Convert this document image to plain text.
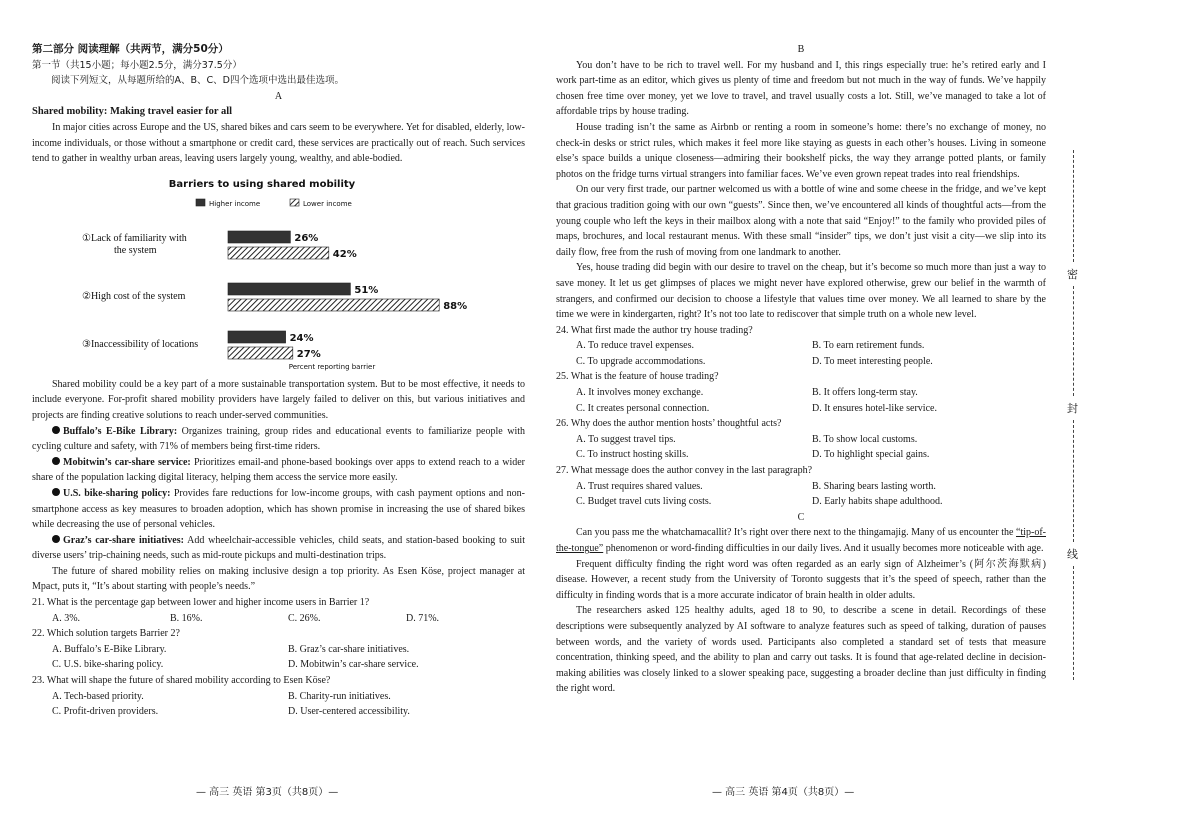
第二部分 阅读理解（共两节，满分50分）

第一节（共15小题；每小题2.5分，满分37.5分）

阅读下列短文，从每题所给的A、B、C、D四个选项中选出最佳选项。

A

Shared mobility: Making travel easier for all

In major cities across Europe and the US, shared bikes and cars seem to be everywhere. Yet for disabled, elderly, low-income individuals, or those without a smartphone or credit card, these services are practically out of reach. Such services tend to gather in wealthy urban areas, leaving users largely young, wealthy, and able-bodied.

Barriers to using shared mobility
Higher income	Lower income
①Lack of familiarity with
the system
②High cost of the system
③Inaccessibility of locations
26%
42%
51%
88%
24%
27%
Percent reporting barrier

Shared mobility could be a key part of a more sustainable transportation system. But to be most effective, it needs to include everyone. For-profit shared mobility providers have largely failed to deliver on this, but various initiatives and projects are finding creative solutions to reach under-served communities.

Buffalo’s E-Bike Library: Organizes training, group rides and educational events to familiarize people with cycling culture and safety, with 71% of members being first-time riders.

Mobitwin’s car-share service: Prioritizes email-and phone-based bookings over apps to extend reach to a wider share of the population lacking digital literacy, helping them access the service more easily.

U.S. bike-sharing policy: Provides fare reductions for low-income groups, with cash payment options and non-smartphone access as key measures to broaden adoption, which has shown promise in increasing the use of shared bikes while decreasing the use of personal vehicles.

Graz’s car-share initiatives: Add wheelchair-accessible vehicles, child seats, and station-based booking to suit diverse users’ trip-chaining needs, such as mid-route pickups and multi-destination trips.

The future of shared mobility relies on making inclusive design a top priority. As Esen Köse, project manager at Mpact, puts it, “It’s about starting with people’s needs.”

21. What is the percentage gap between lower and higher income users in Barrier 1?

A. 3%.	B. 16%.	C. 26%.	D. 71%.

22. Which solution targets Barrier 2?

A. Buffalo’s E-Bike Library.	B. Graz’s car-share initiatives.
C. U.S. bike-sharing policy.	D. Mobitwin’s car-share service.

23. What will shape the future of shared mobility according to Esen Köse?

A. Tech-based priority.	B. Charity-run initiatives.
C. Profit-driven providers.	D. User-centered accessibility.
— 高三 英语 第3页（共8页）—

B

You don’t have to be rich to travel well. For my husband and I, this rings especially true: he’s retired early and I work part-time as an editor, which gives us plenty of time and freedom but not much in the way of funds. We’ve happily chosen free time over money, yet we love to travel, and travel usually costs a lot. Still, we’ve managed to take a lot of affordable trips by house trading.

House trading isn’t the same as Airbnb or renting a room in someone’s home: there’s no exchange of money, no check-in desks or strict rules, which makes it feel more like staying as guests in each other’s houses. Living in someone else’s space builds a unique closeness—admiring their bookshelf picks, the way they arrange potted plants, or family photos on the fridge turns virtual strangers into familiar faces. We’ve even grown repeat trades into real friendships.

On our very first trade, our partner welcomed us with a bottle of wine and some cheese in the fridge, and we’ve kept that gracious tradition going with our own “guests”. Since then, we’ve encountered all kinds of thoughtful acts—from the young couple who left the keys in their mailbox along with a note that said “Enjoy!” to the family who provided piles of maps, brochures, and local restaurant menus. With these small “insider” tips, we don’t just visit a city—we slip into its daily flow, free from the rush of moving from one landmark to another.

Yes, house trading did begin with our desire to travel on the cheap, but it’s become so much more than just a way to save money. It let us get glimpses of places we might never have explored otherwise, grew our belief in the warmth of strangers, and confirmed our decision to choose a lifestyle that values time over money. We all learned to share by the time we were in kindergarten, right? It’s not too late to rediscover that simple truth on a whole new level.

24. What first made the author try house trading?

A. To reduce travel expenses.	B. To earn retirement funds.
C. To upgrade accommodations.	D. To meet interesting people.

25. What is the feature of house trading?

A. It involves money exchange.	B. It offers long-term stay.
C. It creates personal connection.	D. It ensures hotel-like service.

26. Why does the author mention hosts’ thoughtful acts?

A. To suggest travel tips.	B. To show local customs.
C. To instruct hosting skills.	D. To highlight special gains.

27. What message does the author convey in the last paragraph?

A. Trust requires shared values.	B. Sharing bears lasting worth.
C. Budget travel cuts living costs.	D. Early habits shape adulthood.

C

Can you pass me the whatchamacallit? It’s right over there next to the thingamajig. Many of us encounter the “tip-of-the-tongue” phenomenon or word-finding difficulties in our daily lives. And it usually becomes more noticeable with age.

Frequent difficulty finding the right word was often regarded as an early sign of Alzheimer’s (阿尔茨海默病) disease. However, a recent study from the University of Toronto suggests that it’s the speed of speech, rather than the difficulty in finding words that is a more accurate indicator of brain health in older adults.

The researchers asked 125 healthy adults, aged 18 to 90, to describe a scene in detail. Recordings of these descriptions were subsequently analyzed by AI software to analyze features such as speed of talking, duration of pauses between words, and the variety of words used. Participants also completed a standard set of tests that measure concentration, thinking speed, and the ability to plan and carry out tasks. It is found that age-related decline in decision-making abilities was closely linked to a slower speaking pace, suggesting a broader decline than just difficulty in finding the right word.

— 高三 英语 第4页（共8页）—
密
封
线
